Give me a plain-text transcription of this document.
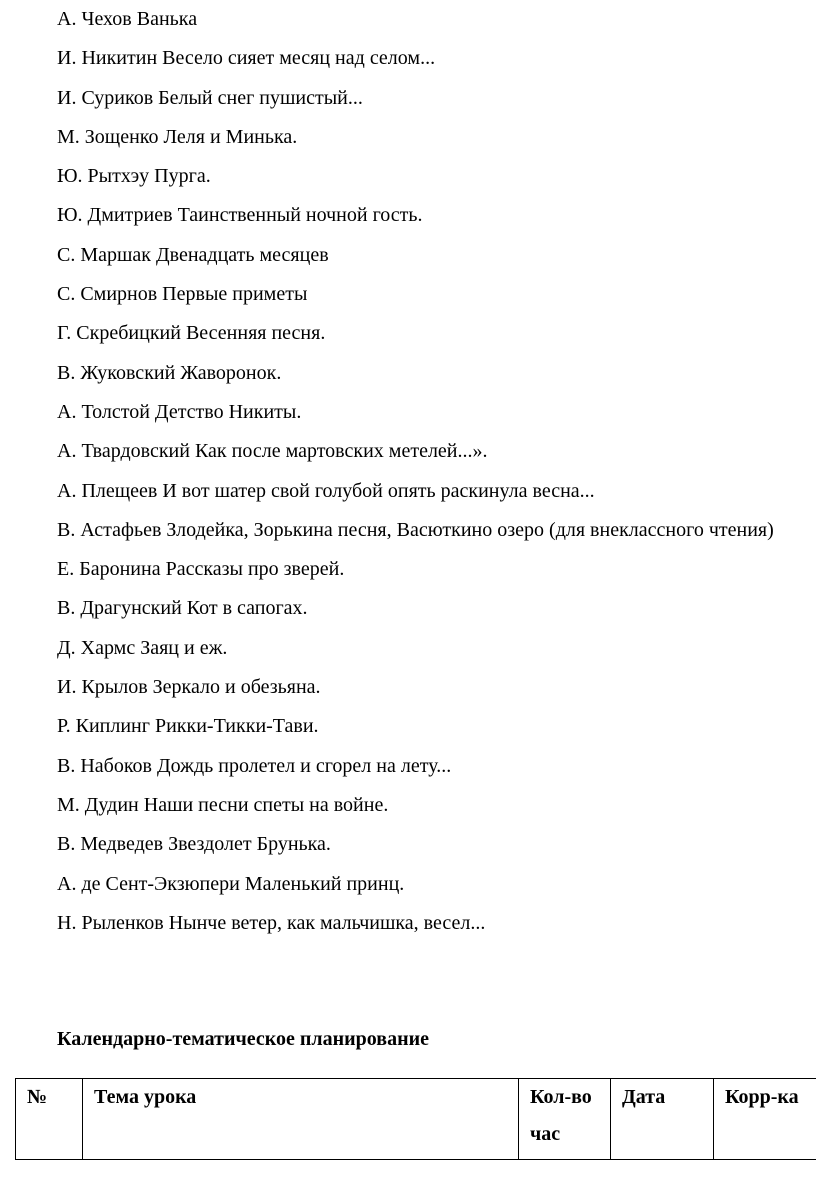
А. Чехов Ванька
И. Никитин Весело сияет месяц над селом...
И. Суриков Белый снег пушистый...
М. Зощенко Леля и Минька.
Ю. Рытхэу Пурга.
Ю. Дмитриев Таинственный ночной гость.
С. Маршак Двенадцать месяцев
С. Смирнов Первые приметы
Г. Скребицкий Весенняя песня.
В. Жуковский Жаворонок.
А. Толстой Детство Никиты.
А. Твардовский Как после мартовских метелей...».
А. Плещеев И вот шатер свой голубой опять раскинула весна...
В. Астафьев Злодейка, Зорькина песня, Васюткино озеро (для внеклассного чтения)
Е. Баронина Рассказы про зверей.
В. Драгунский Кот в сапогах.
Д. Хармс Заяц и еж.
И. Крылов Зеркало и обезьяна.
Р. Киплинг Рикки-Тикки-Тави.
В. Набоков Дождь пролетел и сгорел на лету...
М. Дудин Наши песни спеты на войне.
В. Медведев Звездолет Брунька.
А. де Сент-Экзюпери Маленький принц.
Н. Рыленков Нынче ветер, как мальчишка, весел...
Календарно-тематическое планирование
№	Тема урока	Кол-во час	Дата	Корр-ка
